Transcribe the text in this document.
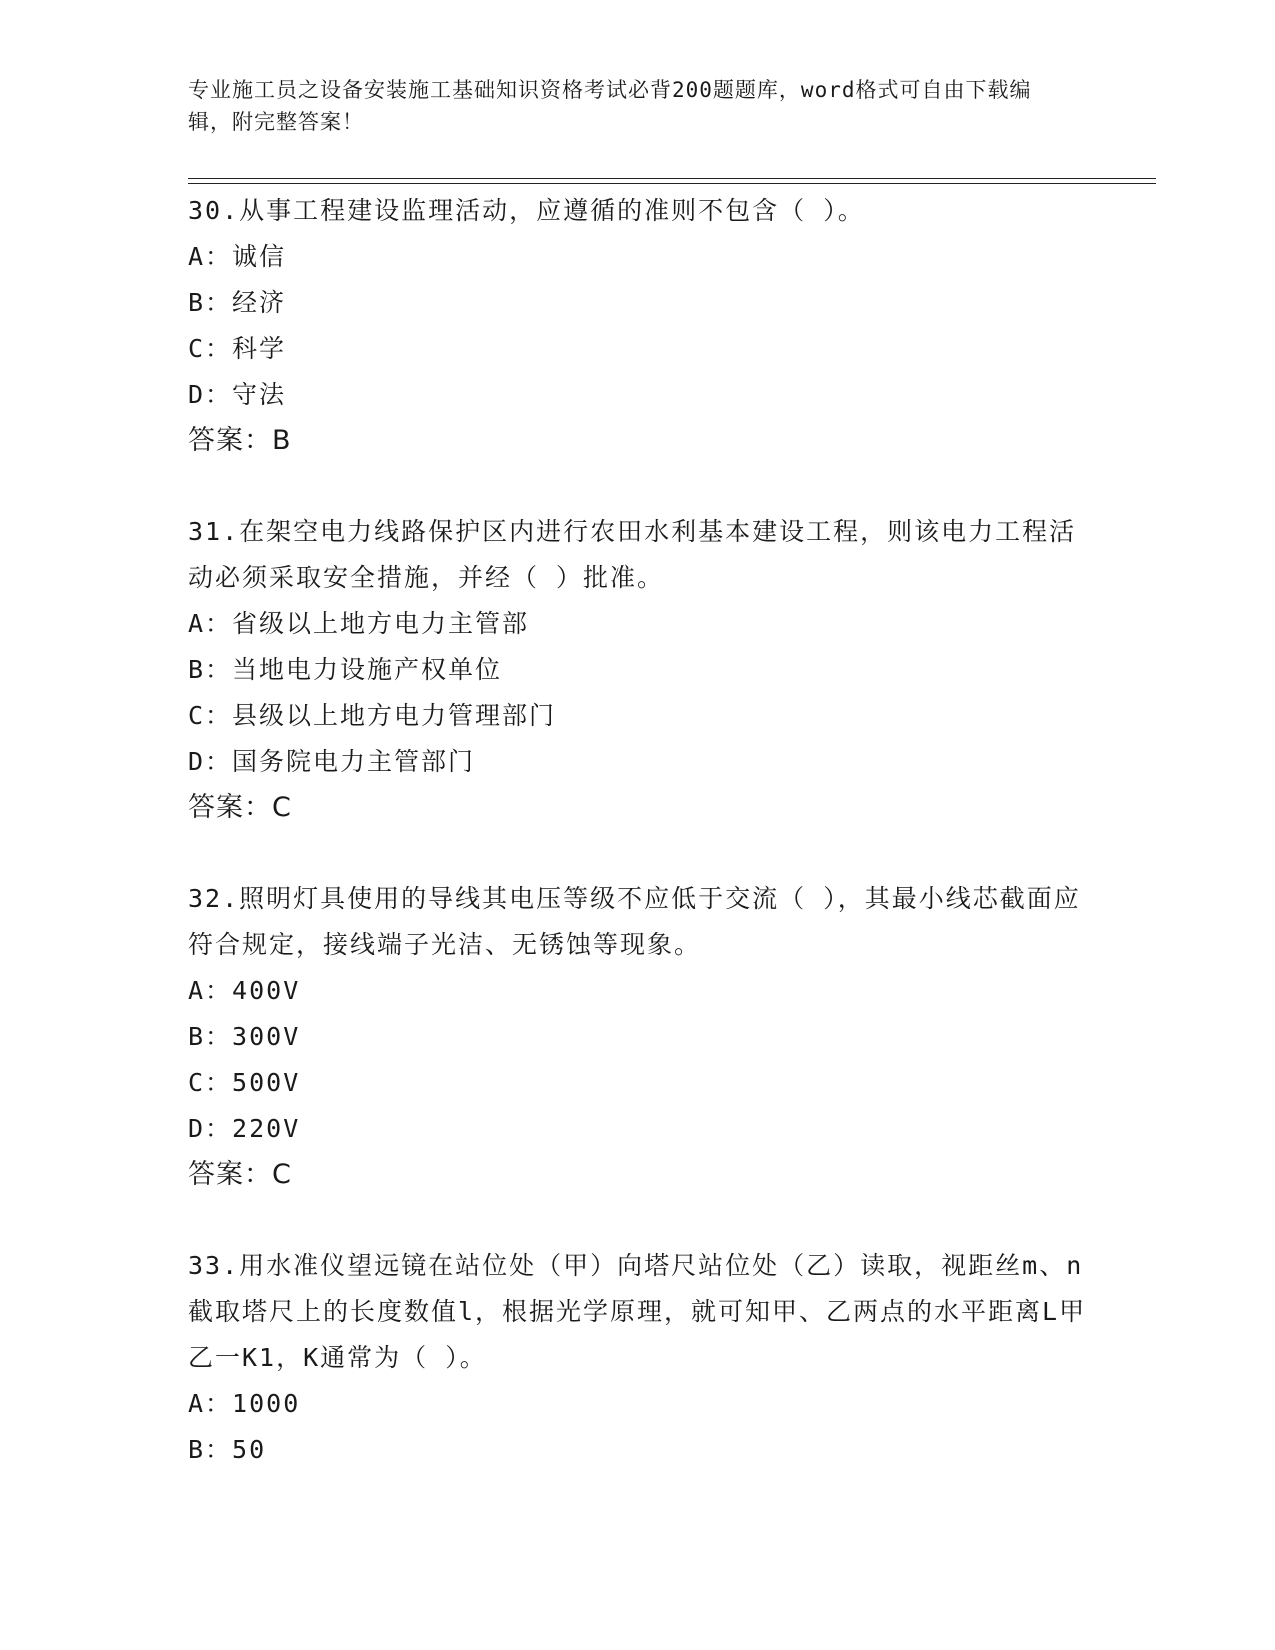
专业施工员之设备安装施工基础知识资格考试必背200题题库，word格式可自由下载编辑，附完整答案！
30.从事工程建设监理活动，应遵循的准则不包含（ ）。
A：诚信
B：经济
C：科学
D：守法
答案：B
31.在架空电力线路保护区内进行农田水利基本建设工程，则该电力工程活动必须采取安全措施，并经（ ）批准。
A：省级以上地方电力主管部
B：当地电力设施产权单位
C：县级以上地方电力管理部门
D：国务院电力主管部门
答案：C
32.照明灯具使用的导线其电压等级不应低于交流（ ），其最小线芯截面应符合规定，接线端子光洁、无锈蚀等现象。
A：400V
B：300V
C：500V
D：220V
答案：C
33.用水准仪望远镜在站位处（甲）向塔尺站位处（乙）读取，视距丝m、n截取塔尺上的长度数值l，根据光学原理，就可知甲、乙两点的水平距离L甲乙一K1，K通常为（ ）。
A：1000
B：50
